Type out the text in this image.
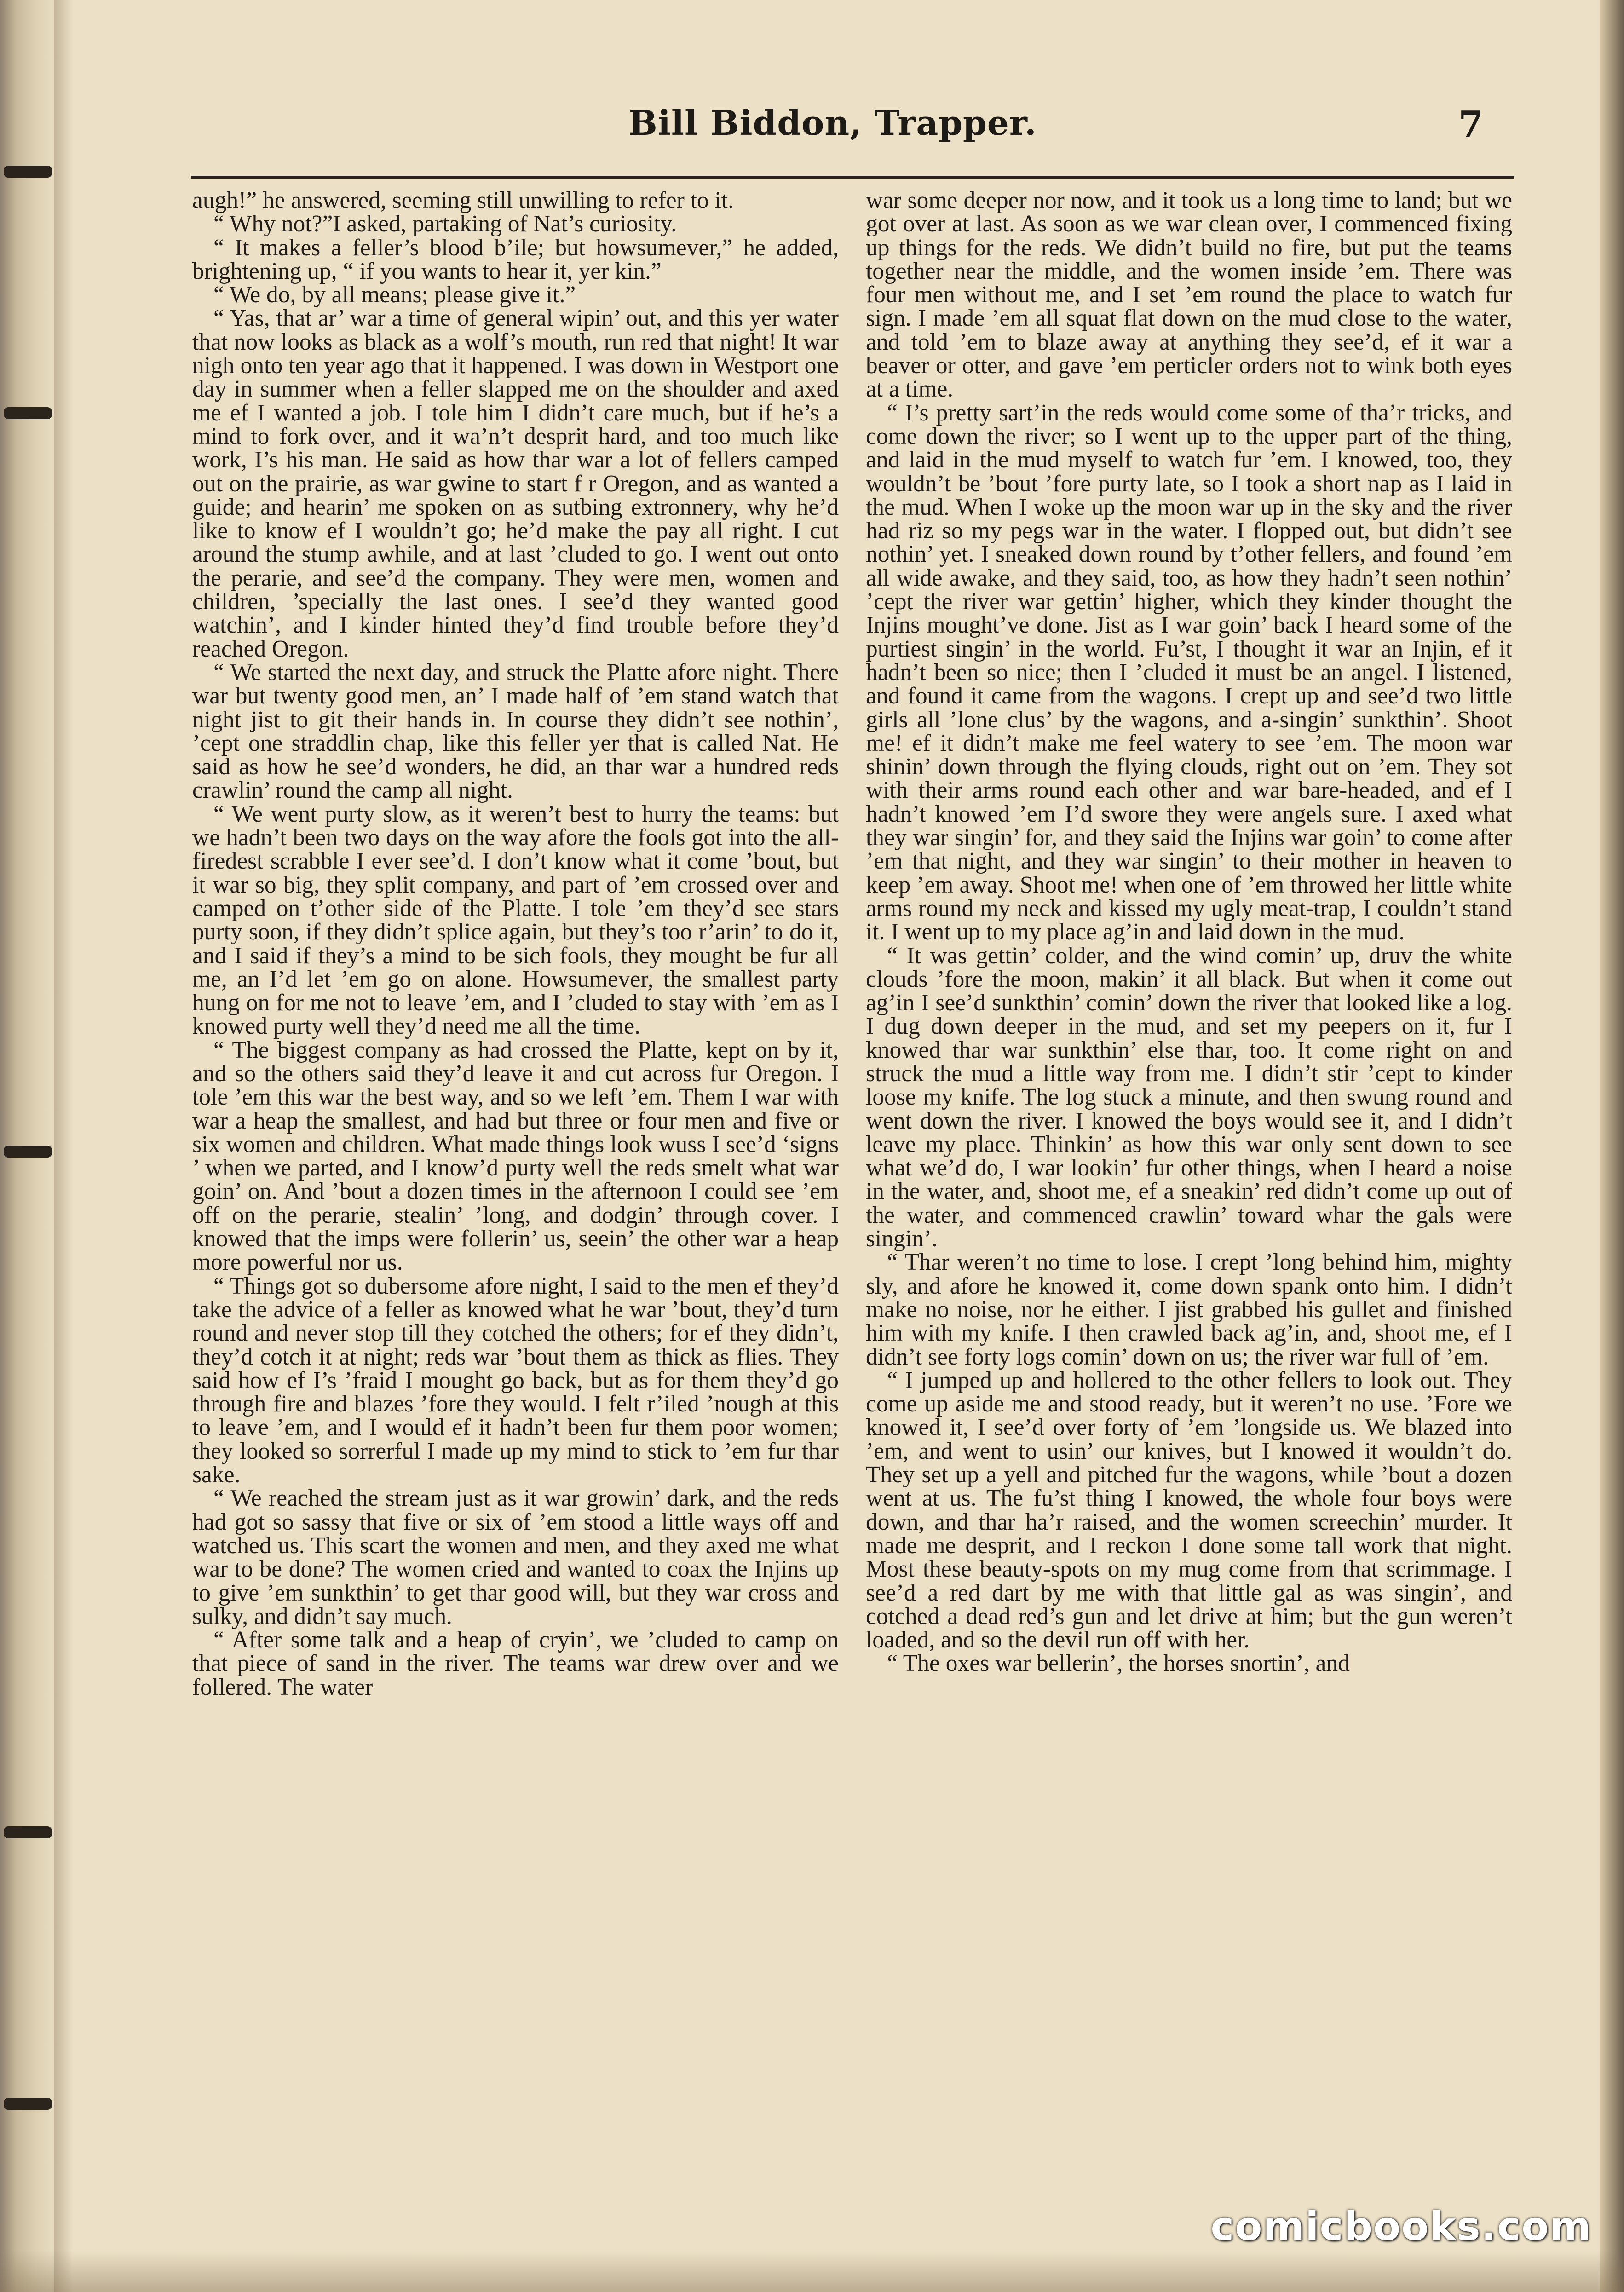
Bill Biddon, Trapper.	7

augh!” he answered, seeming still unwilling to refer to it.

“ Why not?”I asked, partaking of Nat’s curiosity.

“ It makes a feller’s blood b’ile; but howsumever,” he added, brightening up, “ if you wants to hear it, yer kin.”

“ We do, by all means; please give it.”

“ Yas, that ar’ war a time of general wipin’ out, and this yer water that now looks as black as a wolf’s mouth, run red that night! It war nigh onto ten year ago that it happened. I was down in Westport one day in summer when a feller slapped me on the shoulder and axed me ef I wanted a job. I tole him I didn’t care much, but if he’s a mind to fork over, and it wa’n’t desprit hard, and too much like work, I’s his man. He said as how thar war a lot of fellers camped out on the prairie, as war gwine to start f r Oregon, and as wanted a guide; and hearin’ me spoken on as sutbing extronnery, why he’d like to know ef I wouldn’t go; he’d make the pay all right. I cut around the stump awhile, and at last ’cluded to go. I went out onto the perarie, and see’d the company. They were men, women and children, ’specially the last ones. I see’d they wanted good watchin’, and I kinder hinted they’d find trouble before they’d reached Oregon.

“ We started the next day, and struck the Platte afore night. There war but twenty good men, an’ I made half of ’em stand watch that night jist to git their hands in. In course they didn’t see nothin’, ’cept one straddlin chap, like this feller yer that is called Nat. He said as how he see’d wonders, he did, an thar war a hundred reds crawlin’ round the camp all night.

“ We went purty slow, as it weren’t best to hurry the teams: but we hadn’t been two days on the way afore the fools got into the all-firedest scrabble I ever see’d. I don’t know what it come ’bout, but it war so big, they split company, and part of ’em crossed over and camped on t’other side of the Platte. I tole ’em they’d see stars purty soon, if they didn’t splice again, but they’s too r’arin’ to do it, and I said if they’s a mind to be sich fools, they mought be fur all me, an I’d let ’em go on alone. Howsumever, the smallest party hung on for me not to leave ’em, and I ’cluded to stay with ’em as I knowed purty well they’d need me all the time.

“ The biggest company as had crossed the Platte, kept on by it, and so the others said they’d leave it and cut across fur Oregon. I tole ’em this war the best way, and so we left ’em. Them I war with war a heap the smallest, and had but three or four men and five or six women and children. What made things look wuss I see’d ‘signs ’ when we parted, and I know’d purty well the reds smelt what war goin’ on. And ’bout a dozen times in the afternoon I could see ’em off on the perarie, stealin’ ’long, and dodgin’ through cover. I knowed that the imps were follerin’ us, seein’ the other war a heap more powerful nor us.

“ Things got so dubersome afore night, I said to the men ef they’d take the advice of a feller as knowed what he war ’bout, they’d turn round and never stop till they cotched the others; for ef they didn’t, they’d cotch it at night; reds war ’bout them as thick as flies. They said how ef I’s ’fraid I mought go back, but as for them they’d go through fire and blazes ’fore they would. I felt r’iled ’nough at this to leave ’em, and I would ef it hadn’t been fur them poor women; they looked so sorrerful I made up my mind to stick to ’em fur thar sake.

“ We reached the stream just as it war growin’ dark, and the reds had got so sassy that five or six of ’em stood a little ways off and watched us. This scart the women and men, and they axed me what war to be done? The women cried and wanted to coax the Injins up to give ’em sunkthin’ to get thar good will, but they war cross and sulky, and didn’t say much.

“ After some talk and a heap of cryin’, we ’cluded to camp on that piece of sand in the river. The teams war drew over and we follered. The water

war some deeper nor now, and it took us a long time to land; but we got over at last. As soon as we war clean over, I commenced fixing up things for the reds. We didn’t build no fire, but put the teams together near the middle, and the women inside ’em. There was four men without me, and I set ’em round the place to watch fur sign. I made ’em all squat flat down on the mud close to the water, and told ’em to blaze away at anything they see’d, ef it war a beaver or otter, and gave ’em perticler orders not to wink both eyes at a time.

“ I’s pretty sart’in the reds would come some of tha’r tricks, and come down the river; so I went up to the upper part of the thing, and laid in the mud myself to watch fur ’em. I knowed, too, they wouldn’t be ’bout ’fore purty late, so I took a short nap as I laid in the mud. When I woke up the moon war up in the sky and the river had riz so my pegs war in the water. I flopped out, but didn’t see nothin’ yet. I sneaked down round by t’other fellers, and found ’em all wide awake, and they said, too, as how they hadn’t seen nothin’ ’cept the river war gettin’ higher, which they kinder thought the Injins mought’ve done. Jist as I war goin’ back I heard some of the purtiest singin’ in the world. Fu’st, I thought it war an Injin, ef it hadn’t been so nice; then I ’cluded it must be an angel. I listened, and found it came from the wagons. I crept up and see’d two little girls all ’lone clus’ by the wagons, and a-singin’ sunkthin’. Shoot me! ef it didn’t make me feel watery to see ’em. The moon war shinin’ down through the flying clouds, right out on ’em. They sot with their arms round each other and war bare-headed, and ef I hadn’t knowed ’em I’d swore they were angels sure. I axed what they war singin’ for, and they said the Injins war goin’ to come after ’em that night, and they war singin’ to their mother in heaven to keep ’em away. Shoot me! when one of ’em throwed her little white arms round my neck and kissed my ugly meat-trap, I couldn’t stand it. I went up to my place ag’in and laid down in the mud.

“ It was gettin’ colder, and the wind comin’ up, druv the white clouds ’fore the moon, makin’ it all black. But when it come out ag’in I see’d sunkthin’ comin’ down the river that looked like a log. I dug down deeper in the mud, and set my peepers on it, fur I knowed thar war sunkthin’ else thar, too. It come right on and struck the mud a little way from me. I didn’t stir ’cept to kinder loose my knife. The log stuck a minute, and then swung round and went down the river. I knowed the boys would see it, and I didn’t leave my place. Thinkin’ as how this war only sent down to see what we’d do, I war lookin’ fur other things, when I heard a noise in the water, and, shoot me, ef a sneakin’ red didn’t come up out of the water, and commenced crawlin’ toward whar the gals were singin’.

“ Thar weren’t no time to lose. I crept ’long behind him, mighty sly, and afore he knowed it, come down spank onto him. I didn’t make no noise, nor he either. I jist grabbed his gullet and finished him with my knife. I then crawled back ag’in, and, shoot me, ef I didn’t see forty logs comin’ down on us; the river war full of ’em.

“ I jumped up and hollered to the other fellers to look out. They come up aside me and stood ready, but it weren’t no use. ’Fore we knowed it, I see’d over forty of ’em ’longside us. We blazed into ’em, and went to usin’ our knives, but I knowed it wouldn’t do. They set up a yell and pitched fur the wagons, while ’bout a dozen went at us. The fu’st thing I knowed, the whole four boys were down, and thar ha’r raised, and the women screechin’ murder. It made me desprit, and I reckon I done some tall work that night. Most these beauty-spots on my mug come from that scrimmage. I see’d a red dart by me with that little gal as was singin’, and cotched a dead red’s gun and let drive at him; but the gun weren’t loaded, and so the devil run off with her.

“ The oxes war bellerin’, the horses snortin’, and

comicbooks.com
